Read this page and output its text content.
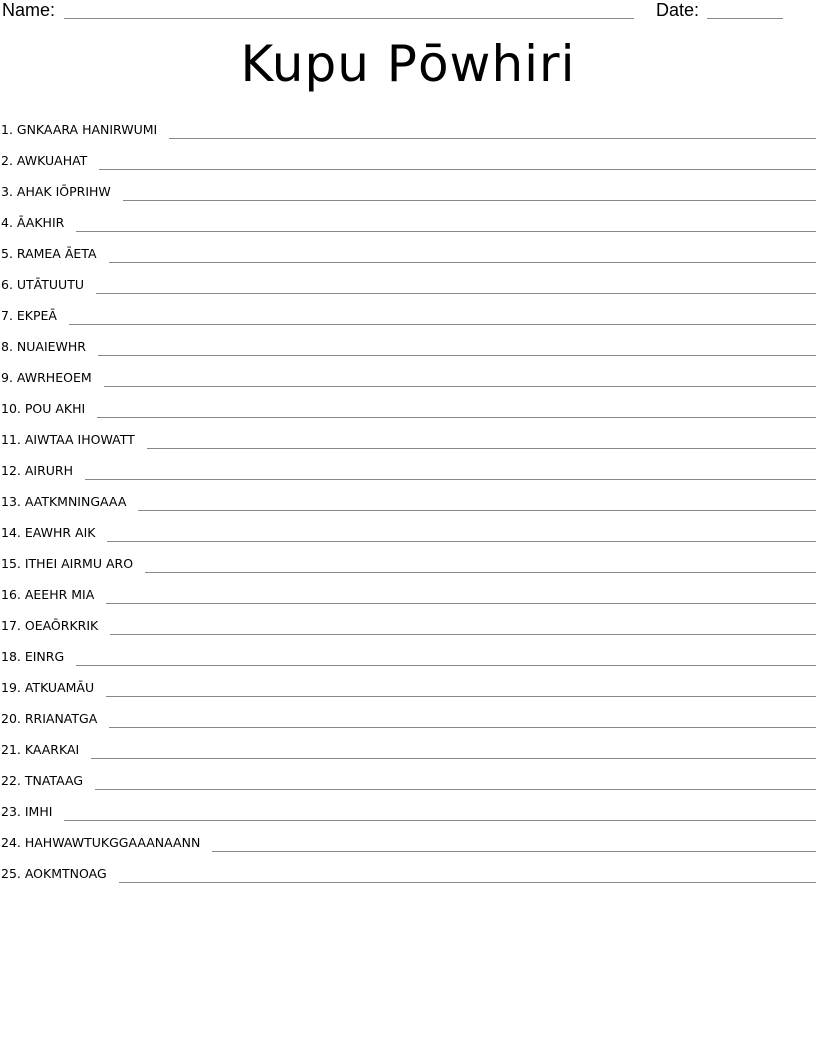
Name:	Date:
Kupu Pōwhiri
1. GNKAARA HANIRWUMI
2. AWKUAHAT
3. AHAK IŌPRIHW
4. ĀAKHIR
5. RAMEA ĀETA
6. UTĀTUUTU
7. EKPEĀ
8. NUAIEWHR
9. AWRHEOEM
10. POU AKHI
11. AIWTAA IHOWATT
12. AIRURH
13. AATKMNINGAAA
14. EAWHR AIK
15. ITHEI AIRMU ARO
16. AEEHR MIA
17. OEAŌRKRIK
18. EINRG
19. ATKUAMĀU
20. RRIANATGA
21. KAARKAI
22. TNATAAG
23. IMHI
24. HAHWAWTUKGGAAANAANN
25. AOKMTNOAG
